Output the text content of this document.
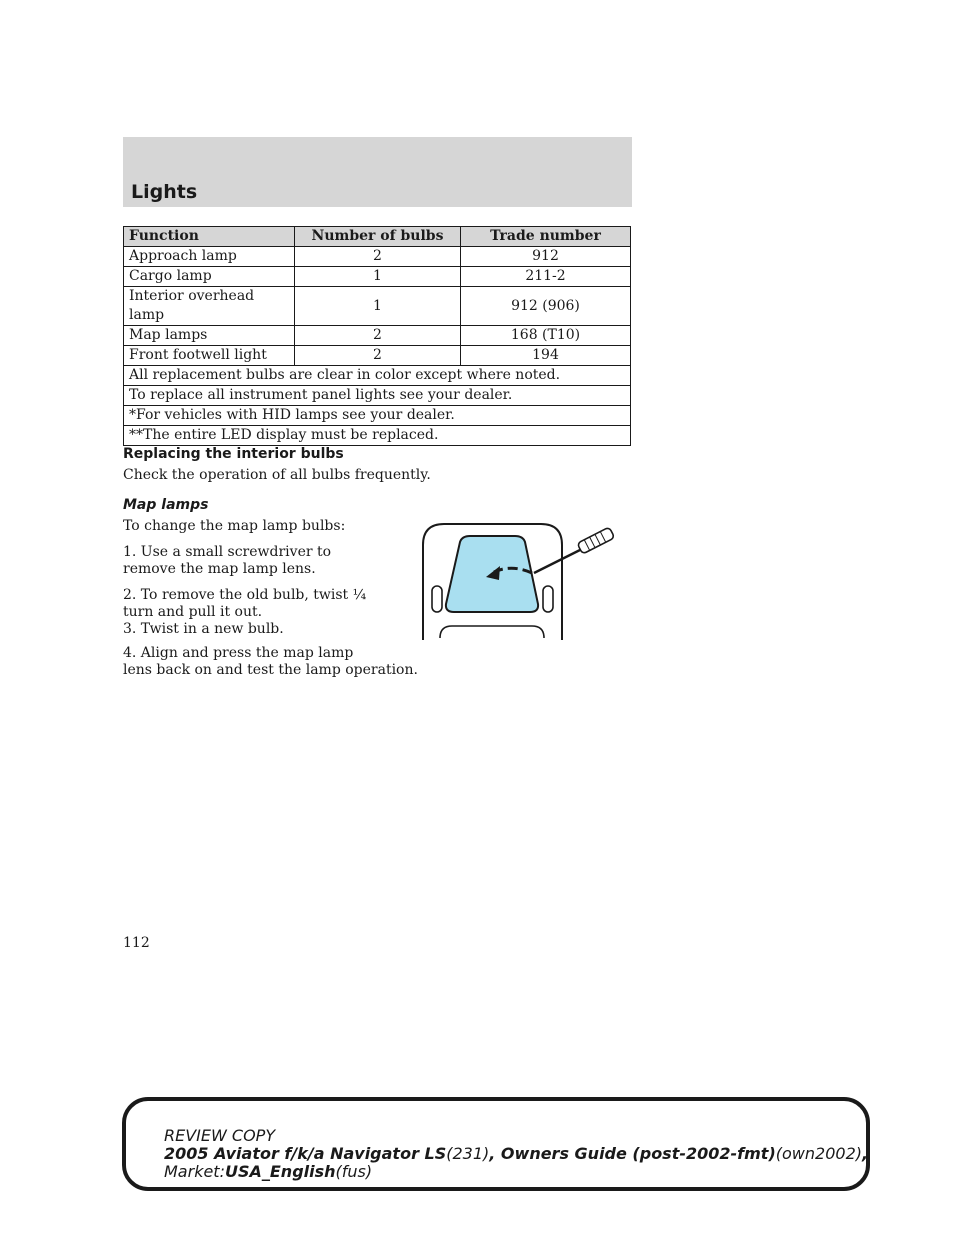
Lights
Function	Number of bulbs	Trade number
Approach lamp	2	912
Cargo lamp	1	211-2
Interior overhead lamp	1	912 (906)
Map lamps	2	168 (T10)
Front footwell light	2	194
All replacement bulbs are clear in color except where noted.		
To replace all instrument panel lights see your dealer.		
*For vehicles with HID lamps see your dealer.		
**The entire LED display must be replaced.		
Replacing the interior bulbs
Check the operation of all bulbs frequently.
Map lamps
To change the map lamp bulbs:
1. Use a small screwdriver to
remove the map lamp lens.
2. To remove the old bulb, twist ¼
turn and pull it out.
3. Twist in a new bulb.
4. Align and press the map lamp
lens back on and test the lamp operation.
112
REVIEW COPY
2005 Aviator f/k/a Navigator LS(231), Owners Guide (post-2002-fmt)(own2002),
Market:USA_English(fus)
